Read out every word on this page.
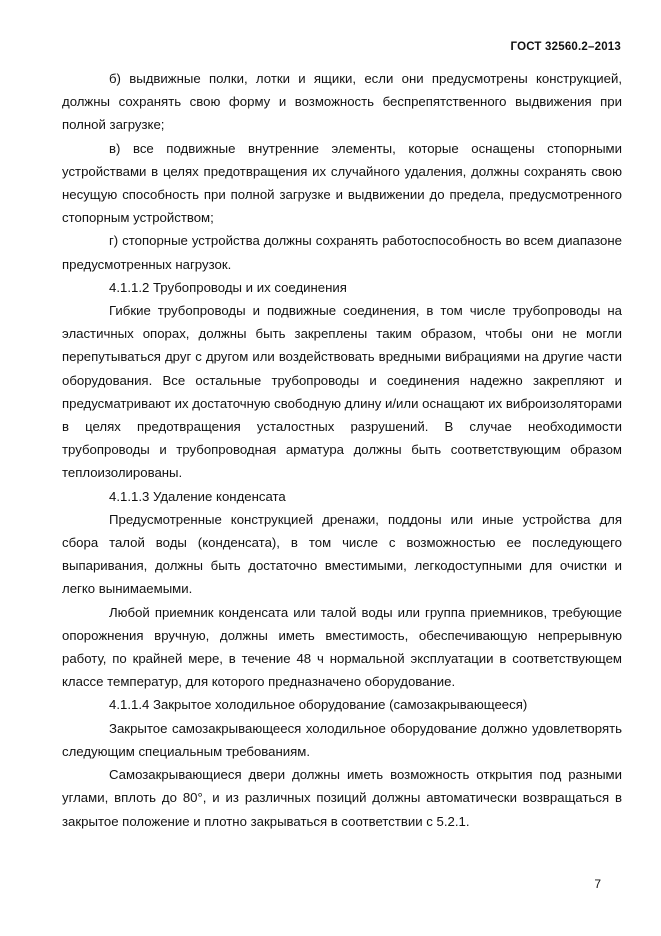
ГОСТ 32560.2–2013

б) выдвижные полки, лотки и ящики, если они предусмотрены конструкцией, должны сохранять свою форму и возможность беспрепятственного выдвижения при полной загрузке;

в) все подвижные внутренние элементы, которые оснащены стопорными устройствами в целях предотвращения их случайного удаления, должны сохранять свою несущую способность при полной загрузке и выдвижении до предела, предусмотренного стопорным устройством;

г) стопорные устройства должны сохранять работоспособность во всем диапазоне предусмотренных нагрузок.

4.1.1.2 Трубопроводы и их соединения

Гибкие трубопроводы и подвижные соединения, в том числе трубопроводы на эластичных опорах, должны быть закреплены таким образом, чтобы они не могли перепутываться друг с другом или воздействовать вредными вибрациями на другие части оборудования. Все остальные трубопроводы и соединения надежно закрепляют и предусматривают их достаточную свободную длину и/или оснащают их виброизоляторами в целях предотвращения усталостных разрушений. В случае необходимости трубопроводы и трубопроводная арматура должны быть соответствующим образом теплоизолированы.

4.1.1.3 Удаление конденсата

Предусмотренные конструкцией дренажи, поддоны или иные устройства для сбора талой воды (конденсата), в том числе с возможностью ее последующего выпаривания, должны быть достаточно вместимыми, легкодоступными для очистки и легко вынимаемыми.

Любой приемник конденсата или талой воды или группа приемников, требующие опорожнения вручную, должны иметь вместимость, обеспечивающую непрерывную работу, по крайней мере, в течение 48 ч нормальной эксплуатации в соответствующем классе температур, для которого предназначено оборудование.

4.1.1.4 Закрытое холодильное оборудование (самозакрывающееся)

Закрытое самозакрывающееся холодильное оборудование должно удовлетворять следующим специальным требованиям.

Самозакрывающиеся двери должны иметь возможность открытия под разными углами, вплоть до 80°, и из различных позиций должны автоматически возвращаться в закрытое положение и плотно закрываться в соответствии с 5.2.1.

7
